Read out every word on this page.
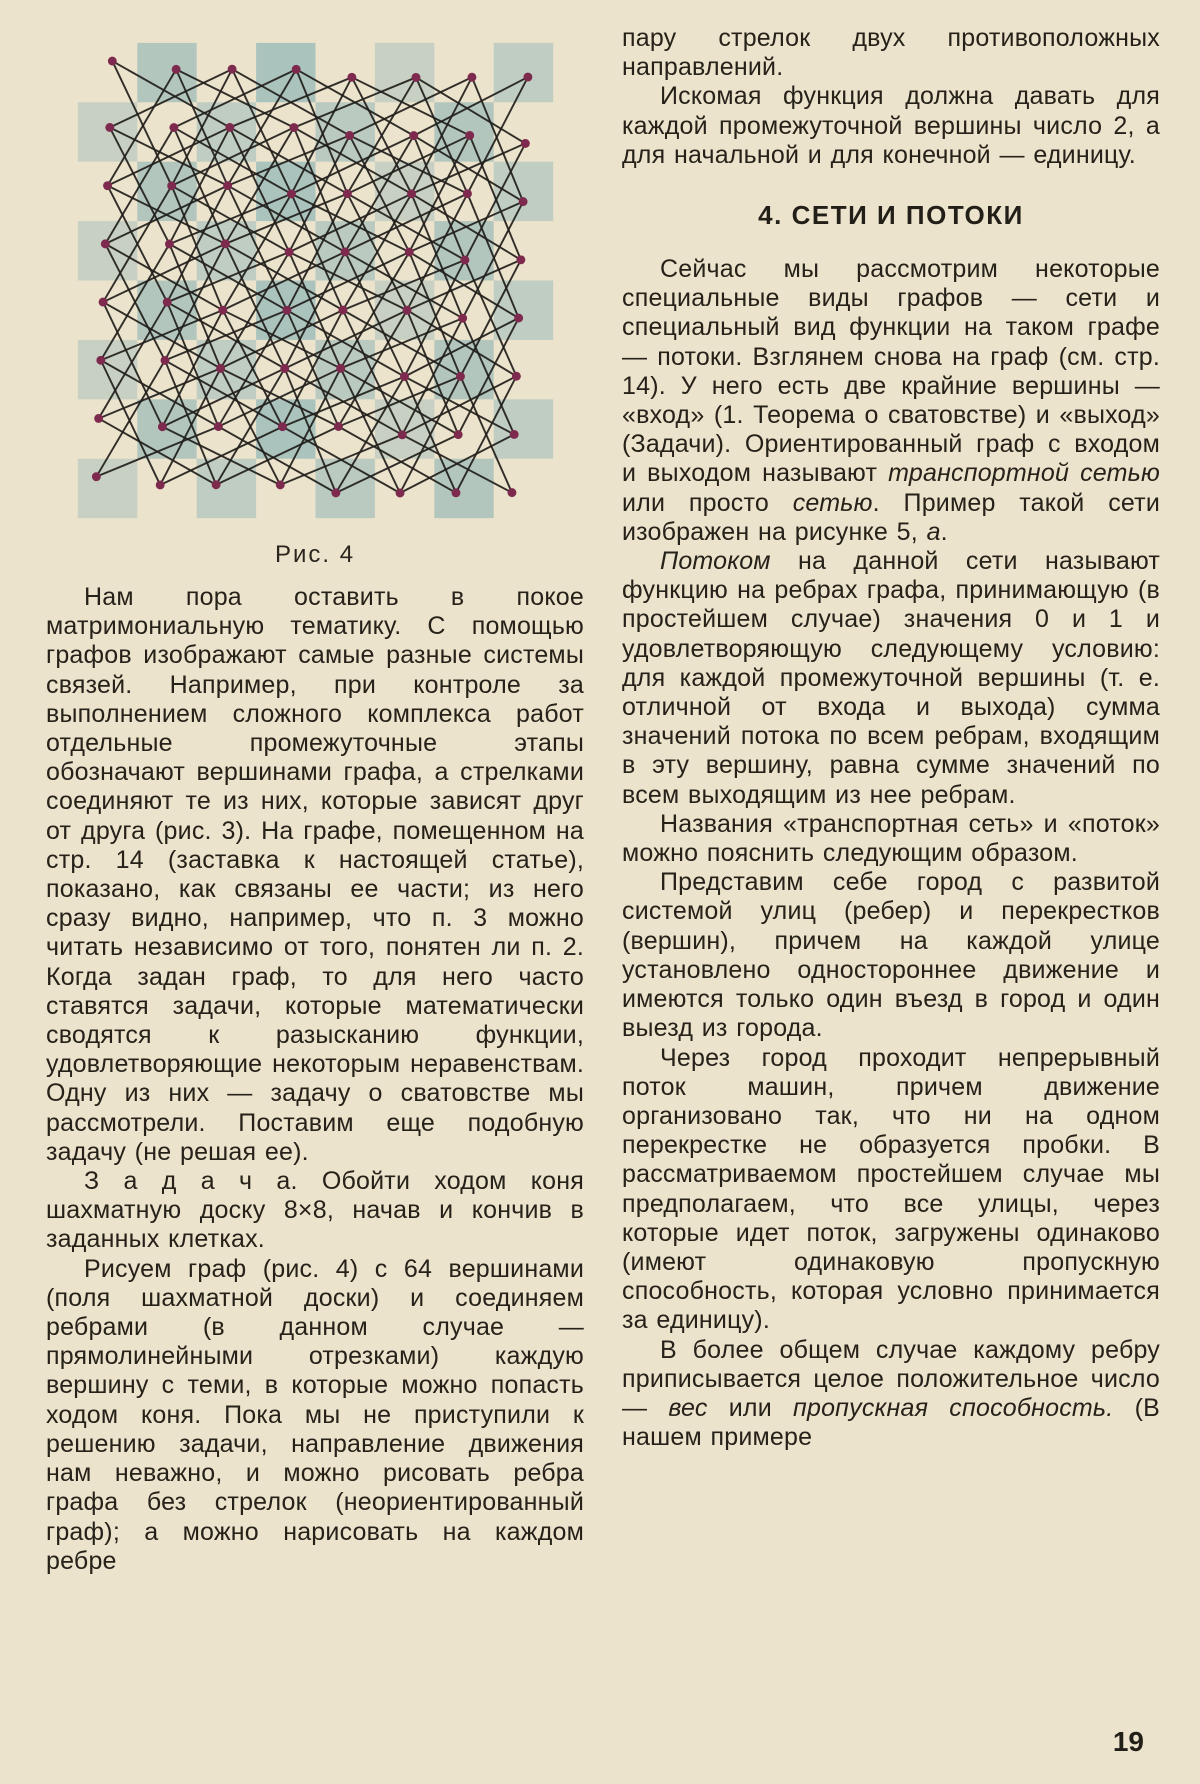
Рис. 4

Нам пора оставить в покое матримониальную тематику. С помощью графов изображают самые разные системы связей. Например, при контроле за выполнением сложного комплекса работ отдельные промежуточные этапы обозначают вершинами графа, а стрелками соединяют те из них, которые зависят друг от друга (рис. 3). На графе, помещенном на стр. 14 (заставка к настоящей статье), показано, как связаны ее части; из него сразу видно, например, что п. 3 можно читать независимо от того, понятен ли п. 2. Когда задан граф, то для него часто ставятся задачи, которые математически сводятся к разысканию функции, удовлетворяющие некоторым неравенствам. Одну из них — задачу о сватовстве мы рассмотрели. Поставим еще подобную задачу (не решая ее).

З а д а ч а. Обойти ходом коня шахматную доску 8×8, начав и кончив в заданных клетках.

Рисуем граф (рис. 4) с 64 вершинами (поля шахматной доски) и соединяем ребрами (в данном случае — прямолинейными отрезками) каждую вершину с теми, в которые можно попасть ходом коня. Пока мы не приступили к решению задачи, направление движения нам неважно, и можно рисовать ребра графа без стрелок (неориентированный граф); а можно нарисовать на каждом ребре

пару стрелок двух противоположных направлений.

Искомая функция должна давать для каждой промежуточной вершины число 2, а для начальной и для конечной — единицу.

4. СЕТИ И ПОТОКИ

Сейчас мы рассмотрим некоторые специальные виды графов — сети и специальный вид функции на таком графе — потоки. Взглянем снова на граф (см. стр. 14). У него есть две крайние вершины — «вход» (1. Теорема о сватовстве) и «выход» (Задачи). Ориентированный граф с входом и выходом называют транспортной сетью или просто сетью. Пример такой сети изображен на рисунке 5, а.

Потоком на данной сети называют функцию на ребрах графа, принимающую (в простейшем случае) значения 0 и 1 и удовлетворяющую следующему условию: для каждой промежуточной вершины (т. е. отличной от входа и выхода) сумма значений потока по всем ребрам, входящим в эту вершину, равна сумме значений по всем выходящим из нее ребрам.

Названия «транспортная сеть» и «поток» можно пояснить следующим образом.

Представим себе город с развитой системой улиц (ребер) и перекрестков (вершин), причем на каждой улице установлено одностороннее движение и имеются только один въезд в город и один выезд из города.

Через город проходит непрерывный поток машин, причем движение организовано так, что ни на одном перекрестке не образуется пробки. В рассматриваемом простейшем случае мы предполагаем, что все улицы, через которые идет поток, загружены одинаково (имеют одинаковую пропускную способность, которая условно принимается за единицу).

В более общем случае каждому ребру приписывается целое положительное число — вес или пропускная способность. (В нашем примере

19
